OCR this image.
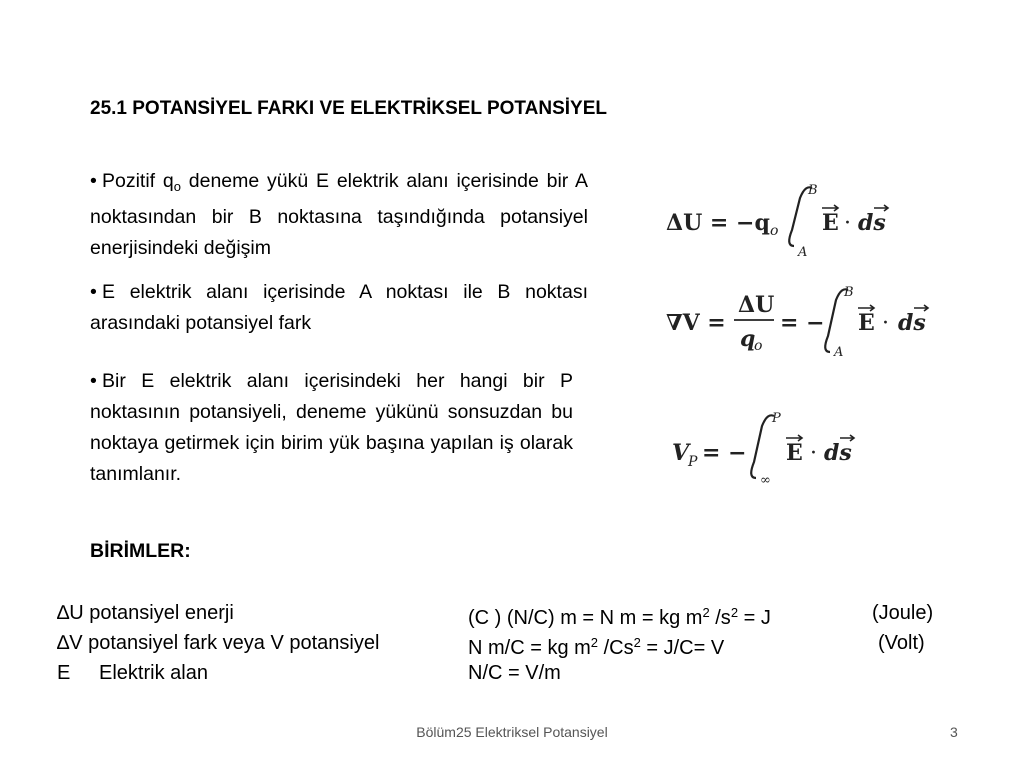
25.1 POTANSİYEL FARKI VE ELEKTRİKSEL POTANSİYEL
• Pozitif $q_o$ deneme yükü E elektrik alanı içerisinde bir A noktasından bir B noktasına taşındığında potansiyel enerjisindeki değişim
• E elektrik alanı içerisinde A noktası ile B noktası arasındaki potansiyel fark
• Bir E elektrik alanı içerisindeki her hangi bir P noktasının potansiyeli, deneme yükünü sonsuzdan bu noktaya getirmek için birim yük başına yapılan iş olarak tanımlanır.
ΔU = −q o
B
A
E · ds
∇V =
ΔU
q
o
= −
B
A
E · ds
V
P = −
P
∞
E · ds
BİRİMLER:
∆U potansiyel enerji	(C ) (N/C) m = N m = kg $m^2$ $/s^2 = J$	(Joule)
∆V potansiyel fark veya V potansiyel	N m/C = kg $m^2$ $/Cs^2 = J/C= V$	(Volt)
E Elektrik alan	N/C = V/m
Bölüm25 Elektriksel Potansiyel	3
